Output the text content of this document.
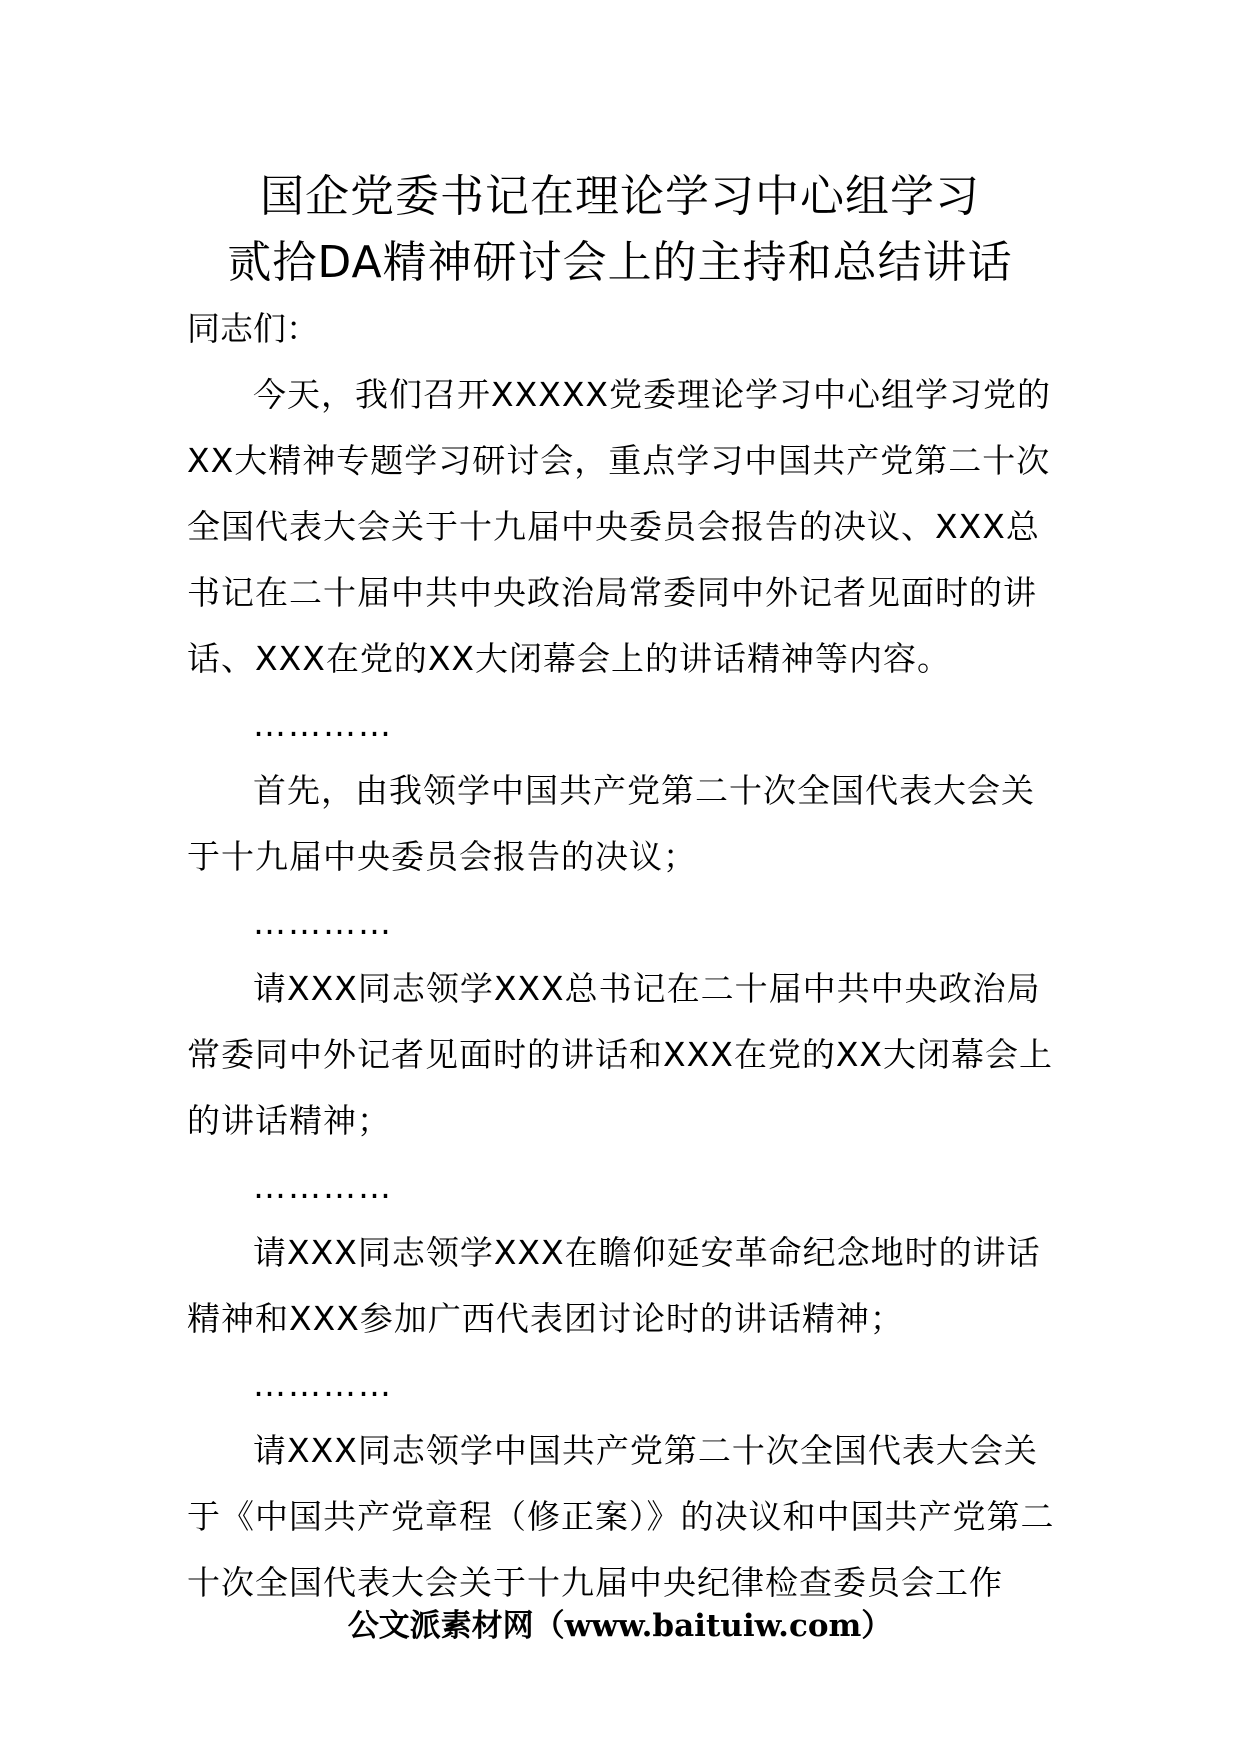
国企党委书记在理论学习中心组学习
贰拾DA精神研讨会上的主持和总结讲话

同志们：

今天，我们召开XXXXX党委理论学习中心组学习党的XX大精神专题学习研讨会，重点学习中国共产党第二十次全国代表大会关于十九届中央委员会报告的决议、XXX总书记在二十届中共中央政治局常委同中外记者见面时的讲话、XXX在党的XX大闭幕会上的讲话精神等内容。

…………

首先，由我领学中国共产党第二十次全国代表大会关于十九届中央委员会报告的决议；

…………

请XXX同志领学XXX总书记在二十届中共中央政治局常委同中外记者见面时的讲话和XXX在党的XX大闭幕会上的讲话精神；

…………

请XXX同志领学XXX在瞻仰延安革命纪念地时的讲话精神和XXX参加广西代表团讨论时的讲话精神；

…………

请XXX同志领学中国共产党第二十次全国代表大会关于《中国共产党章程（修正案）》的决议和中国共产党第二十次全国代表大会关于十九届中央纪律检查委员会工作

公文派素材网（www.baituiw.com）
